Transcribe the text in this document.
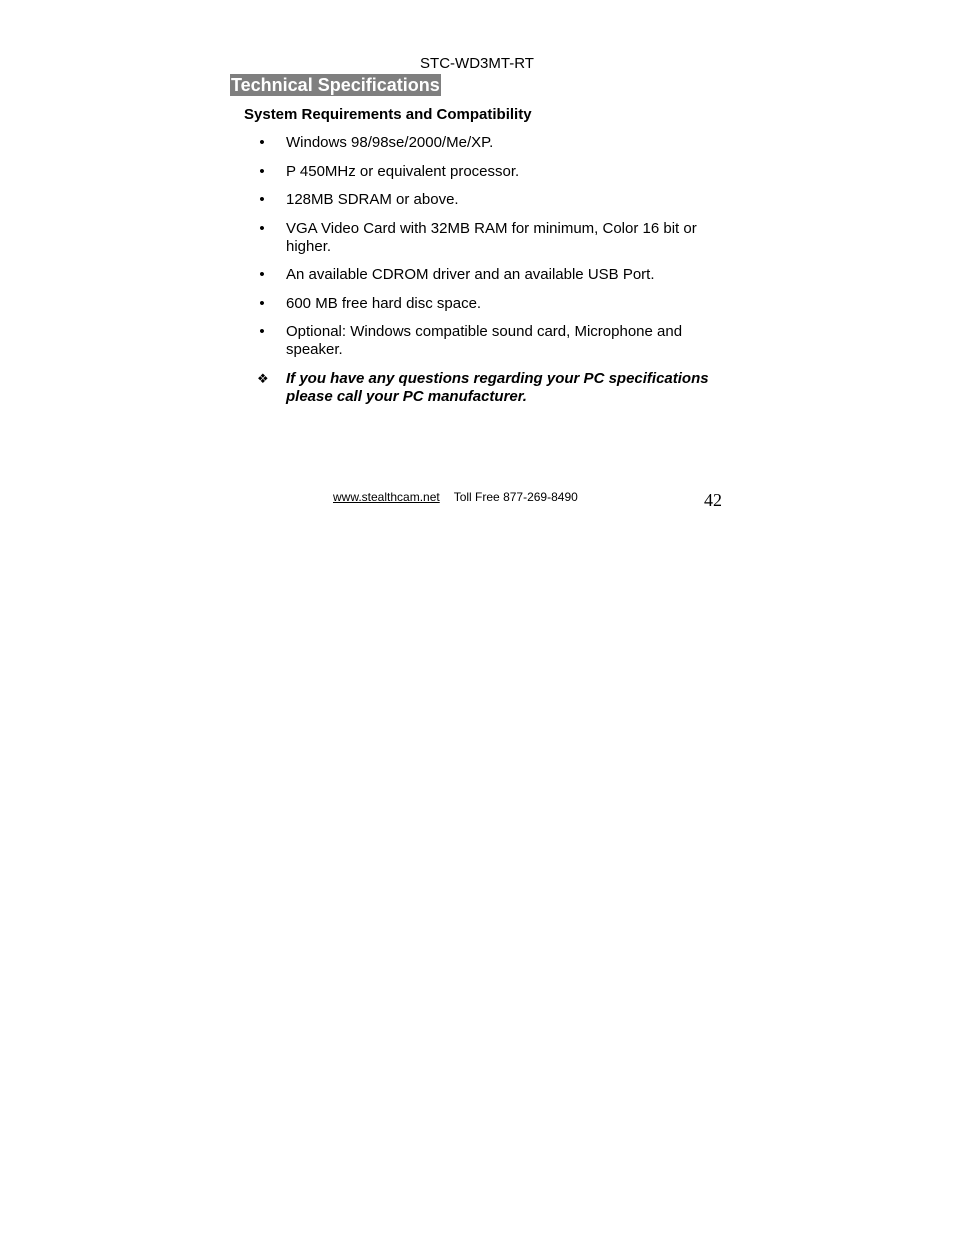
STC-WD3MT-RT
Technical Specifications
System Requirements and Compatibility
• Windows 98/98se/2000/Me/XP.
• P 450MHz or equivalent processor.
• 128MB SDRAM or above.
• VGA Video Card with 32MB RAM for minimum, Color 16 bit or higher.
• An available CDROM driver and an available USB Port.
• 600 MB free hard disc space.
• Optional: Windows compatible sound card, Microphone and speaker.
❖ If you have any questions regarding your PC specifications please call your PC manufacturer.
www.stealthcam.net Toll Free 877-269-8490	42
